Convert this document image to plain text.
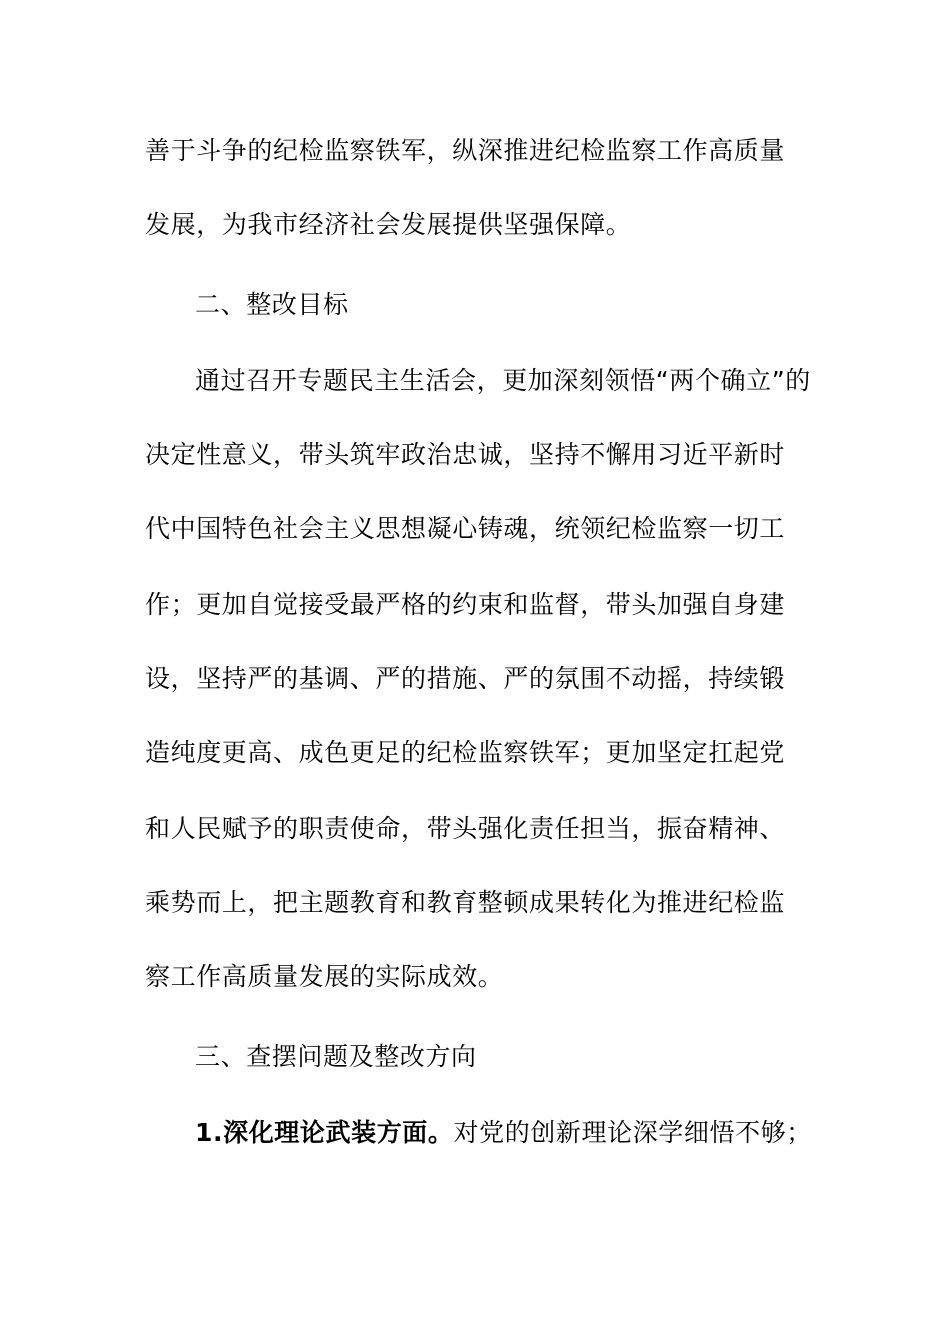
善于斗争的纪检监察铁军，纵深推进纪检监察工作高质量
发展，为我市经济社会发展提供坚强保障。
二、整改目标
通过召开专题民主生活会，更加深刻领悟“两个确立”的
决定性意义，带头筑牢政治忠诚，坚持不懈用习近平新时
代中国特色社会主义思想凝心铸魂，统领纪检监察一切工
作；更加自觉接受最严格的约束和监督，带头加强自身建
设，坚持严的基调、严的措施、严的氛围不动摇，持续锻
造纯度更高、成色更足的纪检监察铁军；更加坚定扛起党
和人民赋予的职责使命，带头强化责任担当，振奋精神、
乘势而上，把主题教育和教育整顿成果转化为推进纪检监
察工作高质量发展的实际成效。
三、查摆问题及整改方向
1.深化理论武装方面。对党的创新理论深学细悟不够；
